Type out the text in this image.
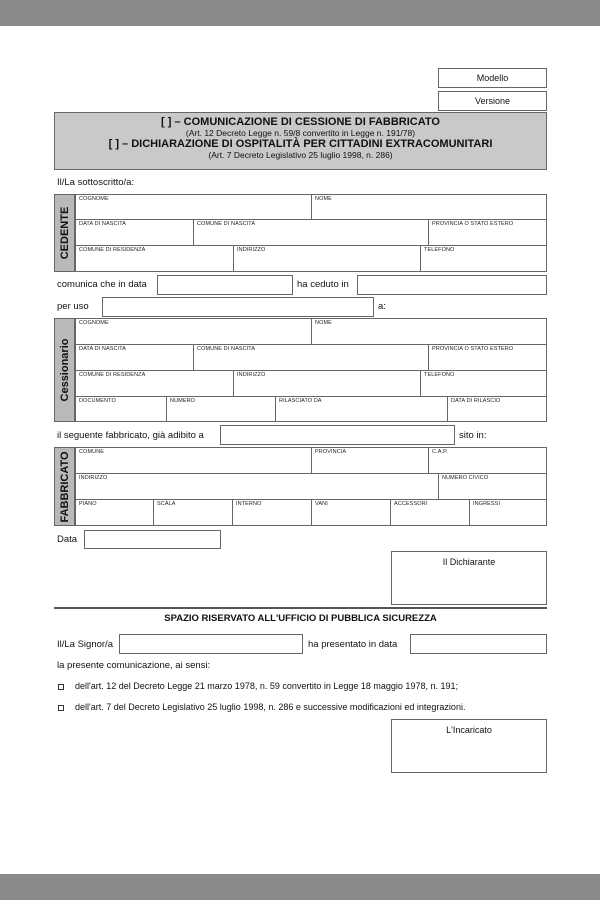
Modello
Versione
[ ] – COMUNICAZIONE DI CESSIONE DI FABBRICATO
(Art. 12 Decreto Legge n. 59/8 convertito in Legge n. 191/78)
[ ] – DICHIARAZIONE DI OSPITALITÀ PER CITTADINI EXTRACOMUNITARI
(Art. 7 Decreto Legislativo 25 luglio 1998, n. 286)
Il/La sottoscritto/a:
CEDENTE
COGNOME	NOME
DATA DI NASCITA	COMUNE DI NASCITA	PROVINCIA O STATO ESTERO
COMUNE DI RESIDENZA	INDIRIZZO	TELEFONO
comunica che in data	ha ceduto in
per uso	a:
Cessionario
COGNOME	NOME
DATA DI NASCITA	COMUNE DI NASCITA	PROVINCIA O STATO ESTERO
COMUNE DI RESIDENZA	INDIRIZZO	TELEFONO
DOCUMENTO	NUMERO	RILASCIATO DA	DATA DI RILASCIO
il seguente fabbricato, già adibito a	sito in:
FABBRICATO COMUNE	PROVINCIA	C.A.P.
INDIRIZZO	NUMERO CIVICO
PIANO	SCALA	INTERNO	VANI	ACCESSORI	INGRESSI
Data
Il Dichiarante
SPAZIO RISERVATO ALL'UFFICIO DI PUBBLICA SICUREZZA
Il/La Signor/a	ha presentato in data
la presente comunicazione, ai sensi:
dell'art. 12 del Decreto Legge 21 marzo 1978, n. 59 convertito in Legge 18 maggio 1978, n. 191;
dell'art. 7 del Decreto Legislativo 25 luglio 1998, n. 286 e successive modificazioni ed integrazioni.
L'Incaricato
華人街
HUARENJIE.COM
